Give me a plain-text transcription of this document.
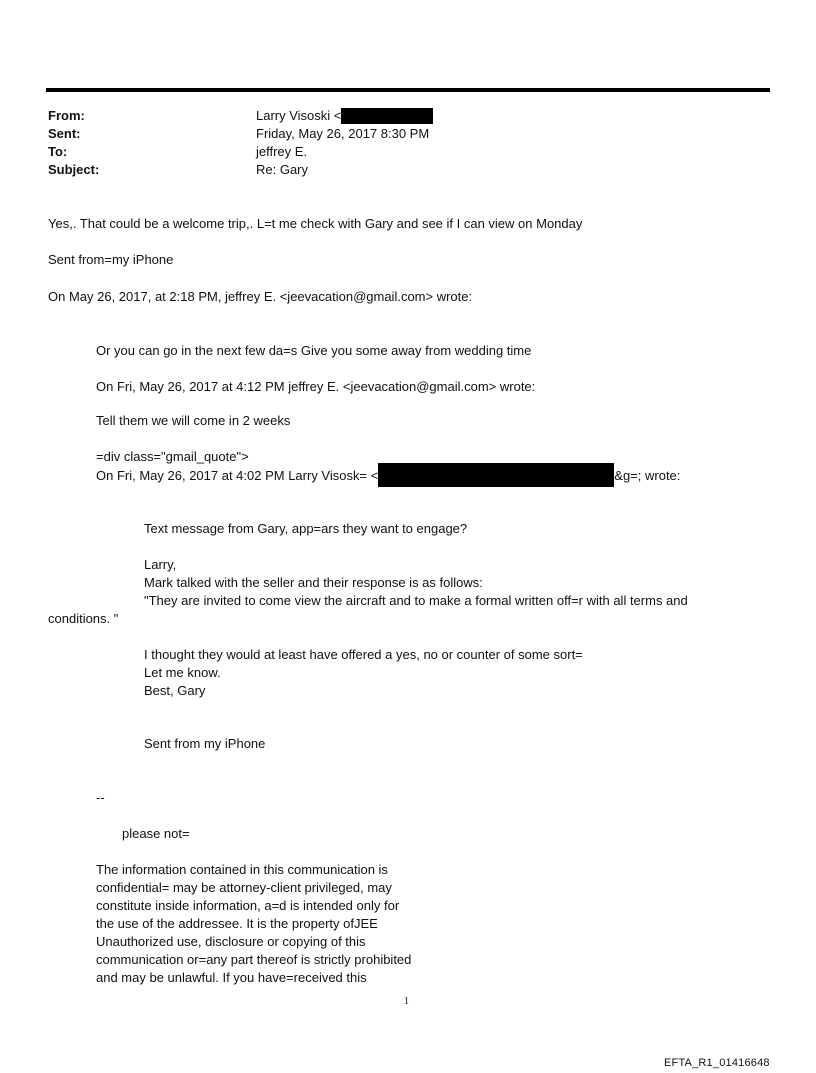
From:	Larry Visoski <
Sent:	Friday, May 26, 2017 8:30 PM
To:	jeffrey E.
Subject:	Re: Gary
Yes,. That could be a welcome trip,. L=t me check with Gary and see if I can view on Monday
Sent from=my iPhone
On May 26, 2017, at 2:18 PM, jeffrey E. <jeevacation@gmail.com> wrote:
Or you can go in the next few da=s Give you some away from wedding time
On Fri, May 26, 2017 at 4:12 PM jeffrey E. <jeevacation@gmail.com> wrote:
Tell them we will come in 2 weeks
=div class="gmail_quote">
On Fri, May 26, 2017 at 4:02 PM Larry Visosk= <	&g=; wrote:
Text message from Gary, app=ars they want to engage?
Larry,
Mark talked with the seller and their response is as follows:
"They are invited to come view the aircraft and to make a formal written off=r with all terms and
conditions. "
I thought they would at least have offered a yes, no or counter of some sort=
Let me know.
Best, Gary
Sent from my iPhone
--
please not=
The information contained in this communication is
confidential= may be attorney-client privileged, may
constitute inside information, a=d is intended only for
the use of the addressee. It is the property ofJEE
Unauthorized use, disclosure or copying of this
communication or=any part thereof is strictly prohibited
and may be unlawful. If you have=received this
1
EFTA_R1_01416648
